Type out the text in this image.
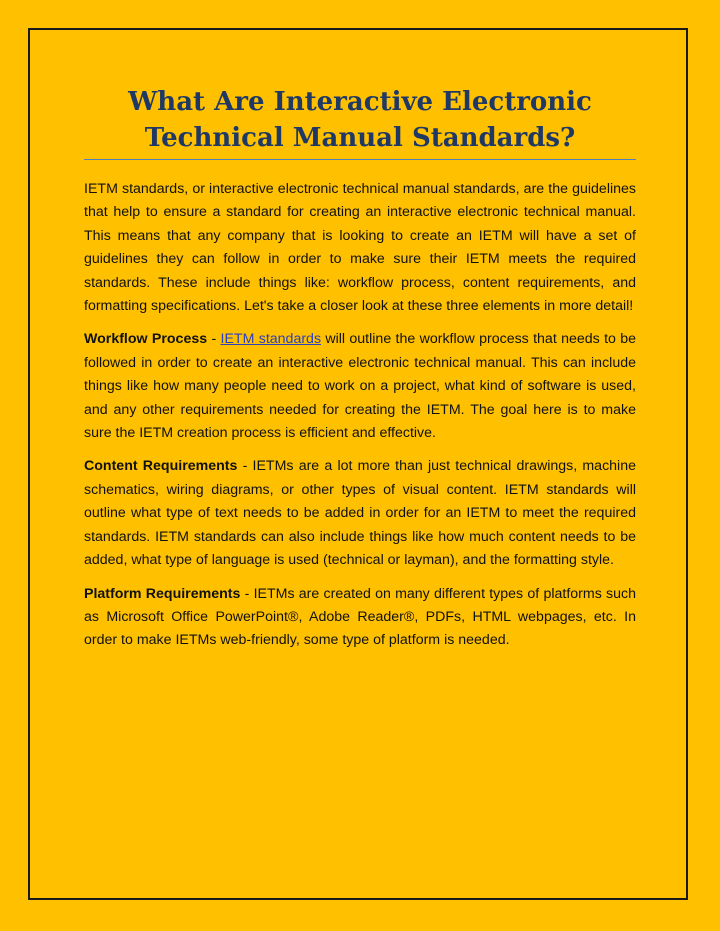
What Are Interactive Electronic
Technical Manual Standards?

IETM standards, or interactive electronic technical manual standards, are the guidelines that help to ensure a standard for creating an interactive electronic technical manual. This means that any company that is looking to create an IETM will have a set of guidelines they can follow in order to make sure their IETM meets the required standards. These include things like: workflow process, content requirements, and formatting specifications. Let's take a closer look at these three elements in more detail!

Workflow Process - IETM standards will outline the workflow process that needs to be followed in order to create an interactive electronic technical manual. This can include things like how many people need to work on a project, what kind of software is used, and any other requirements needed for creating the IETM. The goal here is to make sure the IETM creation process is efficient and effective.

Content Requirements - IETMs are a lot more than just technical drawings, machine schematics, wiring diagrams, or other types of visual content. IETM standards will outline what type of text needs to be added in order for an IETM to meet the required standards. IETM standards can also include things like how much content needs to be added, what type of language is used (technical or layman), and the formatting style.

Platform Requirements - IETMs are created on many different types of platforms such as Microsoft Office PowerPoint®, Adobe Reader®, PDFs, HTML webpages, etc. In order to make IETMs web-friendly, some type of platform is needed.
